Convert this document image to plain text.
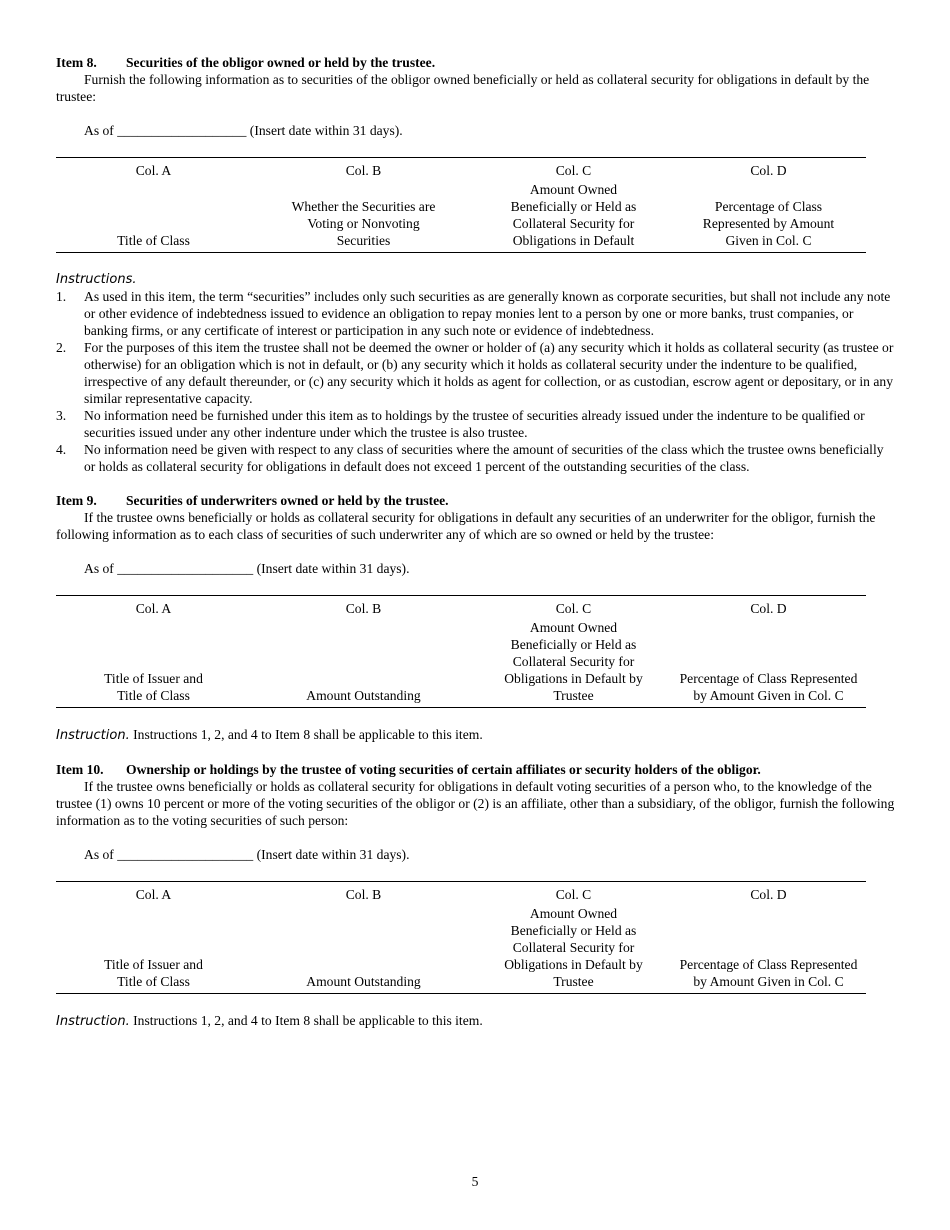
Item 8. Securities of the obligor owned or held by the trustee.
Furnish the following information as to securities of the obligor owned beneficially or held as collateral security for obligations in default by the trustee:
As of ___________________ (Insert date within 31 days).
Col. A
Title of Class
Col. B
Whether the Securities are Voting or Nonvoting Securities
Col. C
Amount Owned Beneficially or Held as Collateral Security for Obligations in Default
Col. D
Percentage of Class Represented by Amount Given in Col. C
Instructions.
1. As used in this item, the term “securities” includes only such securities as are generally known as corporate securities, but shall not include any note or other evidence of indebtedness issued to evidence an obligation to repay monies lent to a person by one or more banks, trust companies, or banking firms, or any certificate of interest or participation in any such note or evidence of indebtedness.
2. For the purposes of this item the trustee shall not be deemed the owner or holder of (a) any security which it holds as collateral security (as trustee or otherwise) for an obligation which is not in default, or (b) any security which it holds as collateral security under the indenture to be qualified, irrespective of any default thereunder, or (c) any security which it holds as agent for collection, or as custodian, escrow agent or depositary, or in any similar representative capacity.
3. No information need be furnished under this item as to holdings by the trustee of securities already issued under the indenture to be qualified or securities issued under any other indenture under which the trustee is also trustee.
4. No information need be given with respect to any class of securities where the amount of securities of the class which the trustee owns beneficially or holds as collateral security for obligations in default does not exceed 1 percent of the outstanding securities of the class.
Item 9. Securities of underwriters owned or held by the trustee.
If the trustee owns beneficially or holds as collateral security for obligations in default any securities of an underwriter for the obligor, furnish the following information as to each class of securities of such underwriter any of which are so owned or held by the trustee:
As of ____________________ (Insert date within 31 days).
Col. A
Title of Issuer and Title of Class
Col. B
Amount Outstanding
Col. C
Amount Owned Beneficially or Held as Collateral Security for Obligations in Default by Trustee
Col. D
Percentage of Class Represented by Amount Given in Col. C
Instruction. Instructions 1, 2, and 4 to Item 8 shall be applicable to this item.
Item 10. Ownership or holdings by the trustee of voting securities of certain affiliates or security holders of the obligor.
If the trustee owns beneficially or holds as collateral security for obligations in default voting securities of a person who, to the knowledge of the trustee (1) owns 10 percent or more of the voting securities of the obligor or (2) is an affiliate, other than a subsidiary, of the obligor, furnish the following information as to the voting securities of such person:
As of ____________________ (Insert date within 31 days).
Col. A
Title of Issuer and Title of Class
Col. B
Amount Outstanding
Col. C
Amount Owned Beneficially or Held as Collateral Security for Obligations in Default by Trustee
Col. D
Percentage of Class Represented by Amount Given in Col. C
Instruction. Instructions 1, 2, and 4 to Item 8 shall be applicable to this item.
5
